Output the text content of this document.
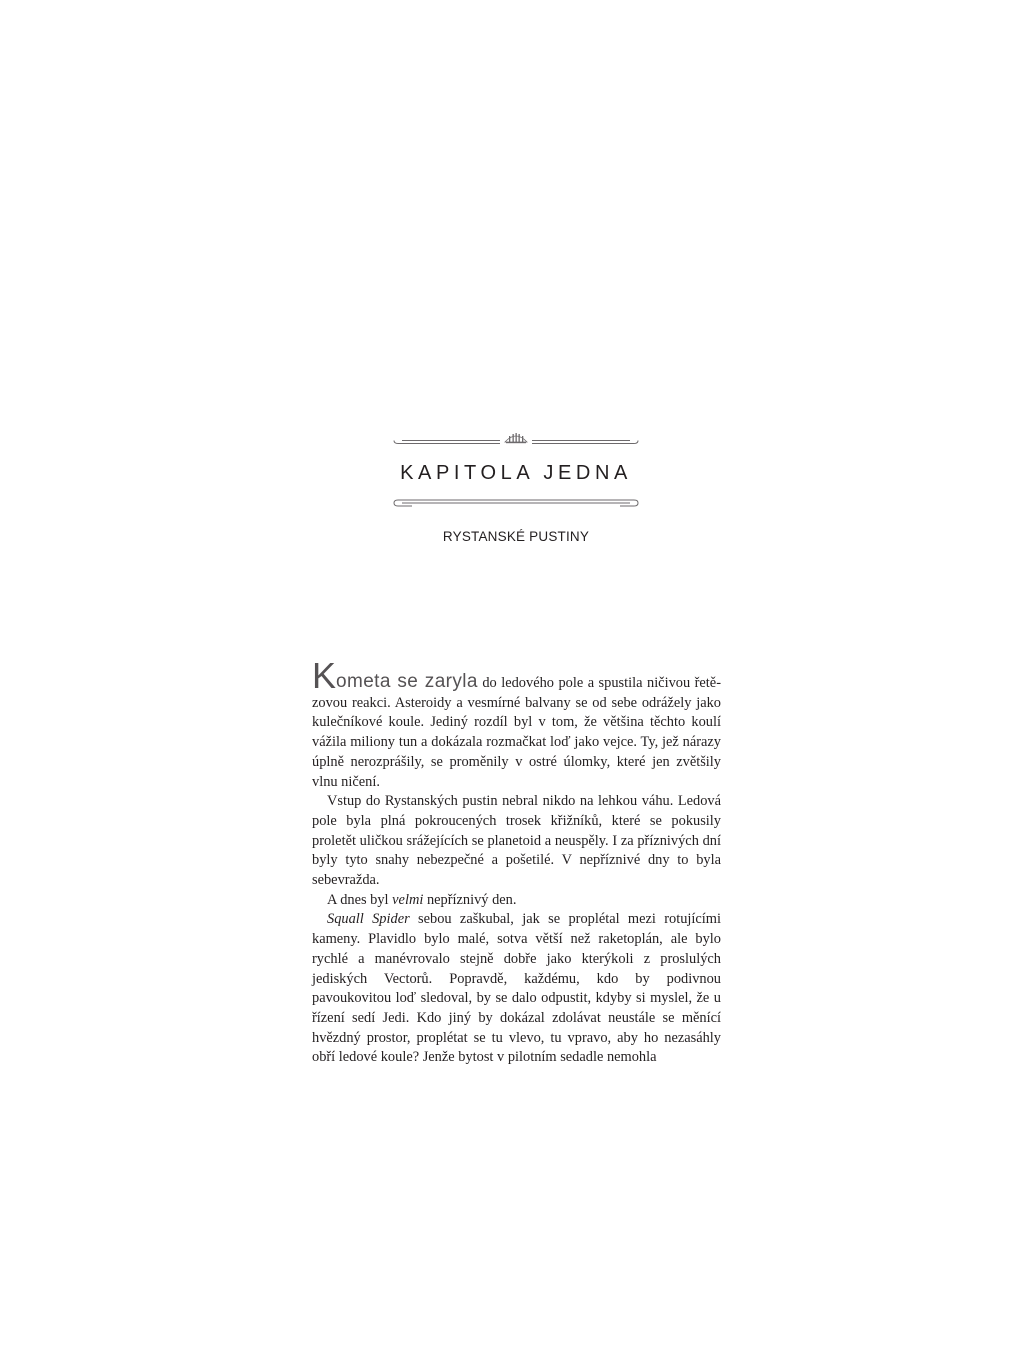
KAPITOLA JEDNA
RYSTANSKÉ PUSTINY

Kometa se zaryla do ledového pole a spustila ničivou řetězovou reakci. Asteroidy a vesmírné balvany se od sebe odrážely jako kulečníkové koule. Jediný rozdíl byl v tom, že většina těchto koulí vážila miliony tun a dokázala rozmačkat loď jako vejce. Ty, jež nárazy úplně nerozprášily, se proměnily v ostré úlomky, které jen zvětšily vlnu ničení.

Vstup do Rystanských pustin nebral nikdo na lehkou váhu. Ledová pole byla plná pokroucených trosek křižníků, které se pokusily proletět uličkou srážejících se planetoid a neuspěly. I za příznivých dní byly tyto snahy nebezpečné a pošetilé. V nepříznivé dny to byla sebevražda.

A dnes byl velmi nepříznivý den.

Squall Spider sebou zaškubal, jak se proplétal mezi rotujícími kameny. Plavidlo bylo malé, sotva větší než raketoplán, ale bylo rychlé a manévrovalo stejně dobře jako kterýkoli z proslulých jediských Vectorů. Popravdě, každému, kdo by podivnou pavoukovitou loď sledoval, by se dalo odpustit, kdyby si myslel, že u řízení sedí Jedi. Kdo jiný by dokázal zdolávat neustále se měnící hvězdný prostor, proplétat se tu vlevo, tu vpravo, aby ho nezasáhly obří ledové koule? Jenže bytost v pilotním sedadle nemohla
